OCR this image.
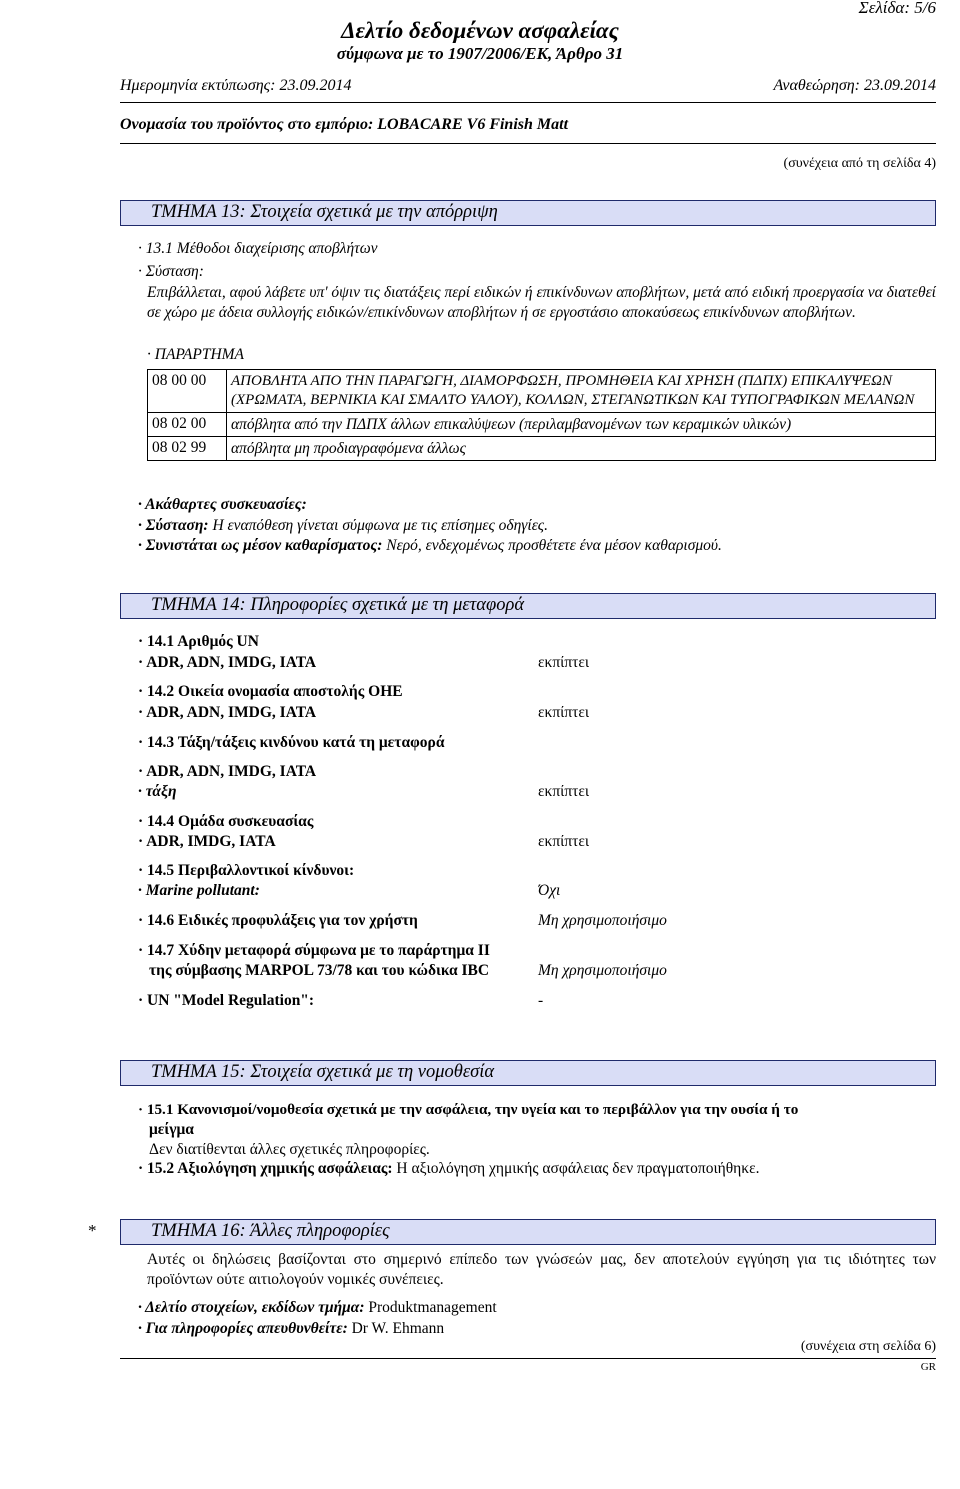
Σελίδα: 5/6
Δελτίο δεδομένων ασφαλείας
σύμφωνα με το 1907/2006/ΕΚ, Άρθρο 31
Ημερομηνία εκτύπωσης: 23.09.2014	Αναθεώρηση: 23.09.2014
Ονομασία του προϊόντος στο εμπόριο: LOBACARE V6 Finish Matt
(συνέχεια από τη σελίδα 4)
ΤΜΗΜΑ 13: Στοιχεία σχετικά με την απόρριψη
· 13.1 Μέθοδοι διαχείρισης αποβλήτων
· Σύσταση:
Επιβάλλεται, αφού λάβετε υπ' όψιν τις διατάξεις περί ειδικών ή επικίνδυνων αποβλήτων, μετά από ειδική προεργασία να διατεθεί σε χώρο με άδεια συλλογής ειδικών/επικίνδυνων αποβλήτων ή σε εργοστάσιο αποκαύσεως επικίνδυνων αποβλήτων.
· ΠΑΡΑΡΤΗΜΑ
08 00 00	ΑΠΟΒΛΗΤΑ ΑΠΟ ΤΗΝ ΠΑΡΑΓΩΓΗ, ΔΙΑΜΟΡΦΩΣΗ, ΠΡΟΜΗΘΕΙΑ ΚΑΙ ΧΡΗΣΗ (ΠΔΠΧ) ΕΠΙΚΑΛΥΨΕΩΝ (ΧΡΩΜΑΤΑ, ΒΕΡΝΙΚΙΑ ΚΑΙ ΣΜΑΛΤΟ ΥΑΛΟΥ), ΚΟΛΛΩΝ, ΣΤΕΓΑΝΩΤΙΚΩΝ ΚΑΙ ΤΥΠΟΓΡΑΦΙΚΩΝ ΜΕΛΑΝΩΝ
08 02 00	απόβλητα από την ΠΔΠΧ άλλων επικαλύψεων (περιλαμβανομένων των κεραμικών υλικών)
08 02 99	απόβλητα μη προδιαγραφόμενα άλλως
· Ακάθαρτες συσκευασίες:
· Σύσταση: Η εναπόθεση γίνεται σύμφωνα με τις επίσημες οδηγίες.
· Συνιστάται ως μέσον καθαρίσματος: Νερό, ενδεχομένως προσθέτετε ένα μέσον καθαρισμού.
ΤΜΗΜΑ 14: Πληροφορίες σχετικά με τη μεταφορά
· 14.1 Αριθμός UN
· ADR, ADN, IMDG, IATA	εκπίπτει
· 14.2 Οικεία ονομασία αποστολής ΟΗΕ
· ADR, ADN, IMDG, IATA	εκπίπτει
· 14.3 Τάξη/τάξεις κινδύνου κατά τη μεταφορά
· ADR, ADN, IMDG, IATA
· τάξη	εκπίπτει
· 14.4 Ομάδα συσκευασίας
· ADR, IMDG, IATA	εκπίπτει
· 14.5 Περιβαλλοντικοί κίνδυνοι:
· Marine pollutant:	Όχι
· 14.6 Ειδικές προφυλάξεις για τον χρήστη	Μη χρησιμοποιήσιμο
· 14.7 Χύδην μεταφορά σύμφωνα με το παράρτημα II
της σύμβασης MARPOL 73/78 και του κώδικα IBC	Μη χρησιμοποιήσιμο
· UN "Model Regulation":	-
ΤΜΗΜΑ 15: Στοιχεία σχετικά με τη νομοθεσία
· 15.1 Κανονισμοί/νομοθεσία σχετικά με την ασφάλεια, την υγεία και το περιβάλλον για την ουσία ή το
μείγμα
Δεν διατίθενται άλλες σχετικές πληροφορίες.
· 15.2 Αξιολόγηση χημικής ασφάλειας: Η αξιολόγηση χημικής ασφάλειας δεν πραγματοποιήθηκε.
*	ΤΜΗΜΑ 16: Άλλες πληροφορίες
Αυτές οι δηλώσεις βασίζονται στο σημερινό επίπεδο των γνώσεών μας, δεν αποτελούν εγγύηση για τις ιδιότητες των προϊόντων ούτε αιτιολογούν νομικές συνέπειες.
· Δελτίο στοιχείων, εκδίδων τμήμα: Produktmanagement
· Για πληροφορίες απευθυνθείτε: Dr W. Ehmann
(συνέχεια στη σελίδα 6)
GR
